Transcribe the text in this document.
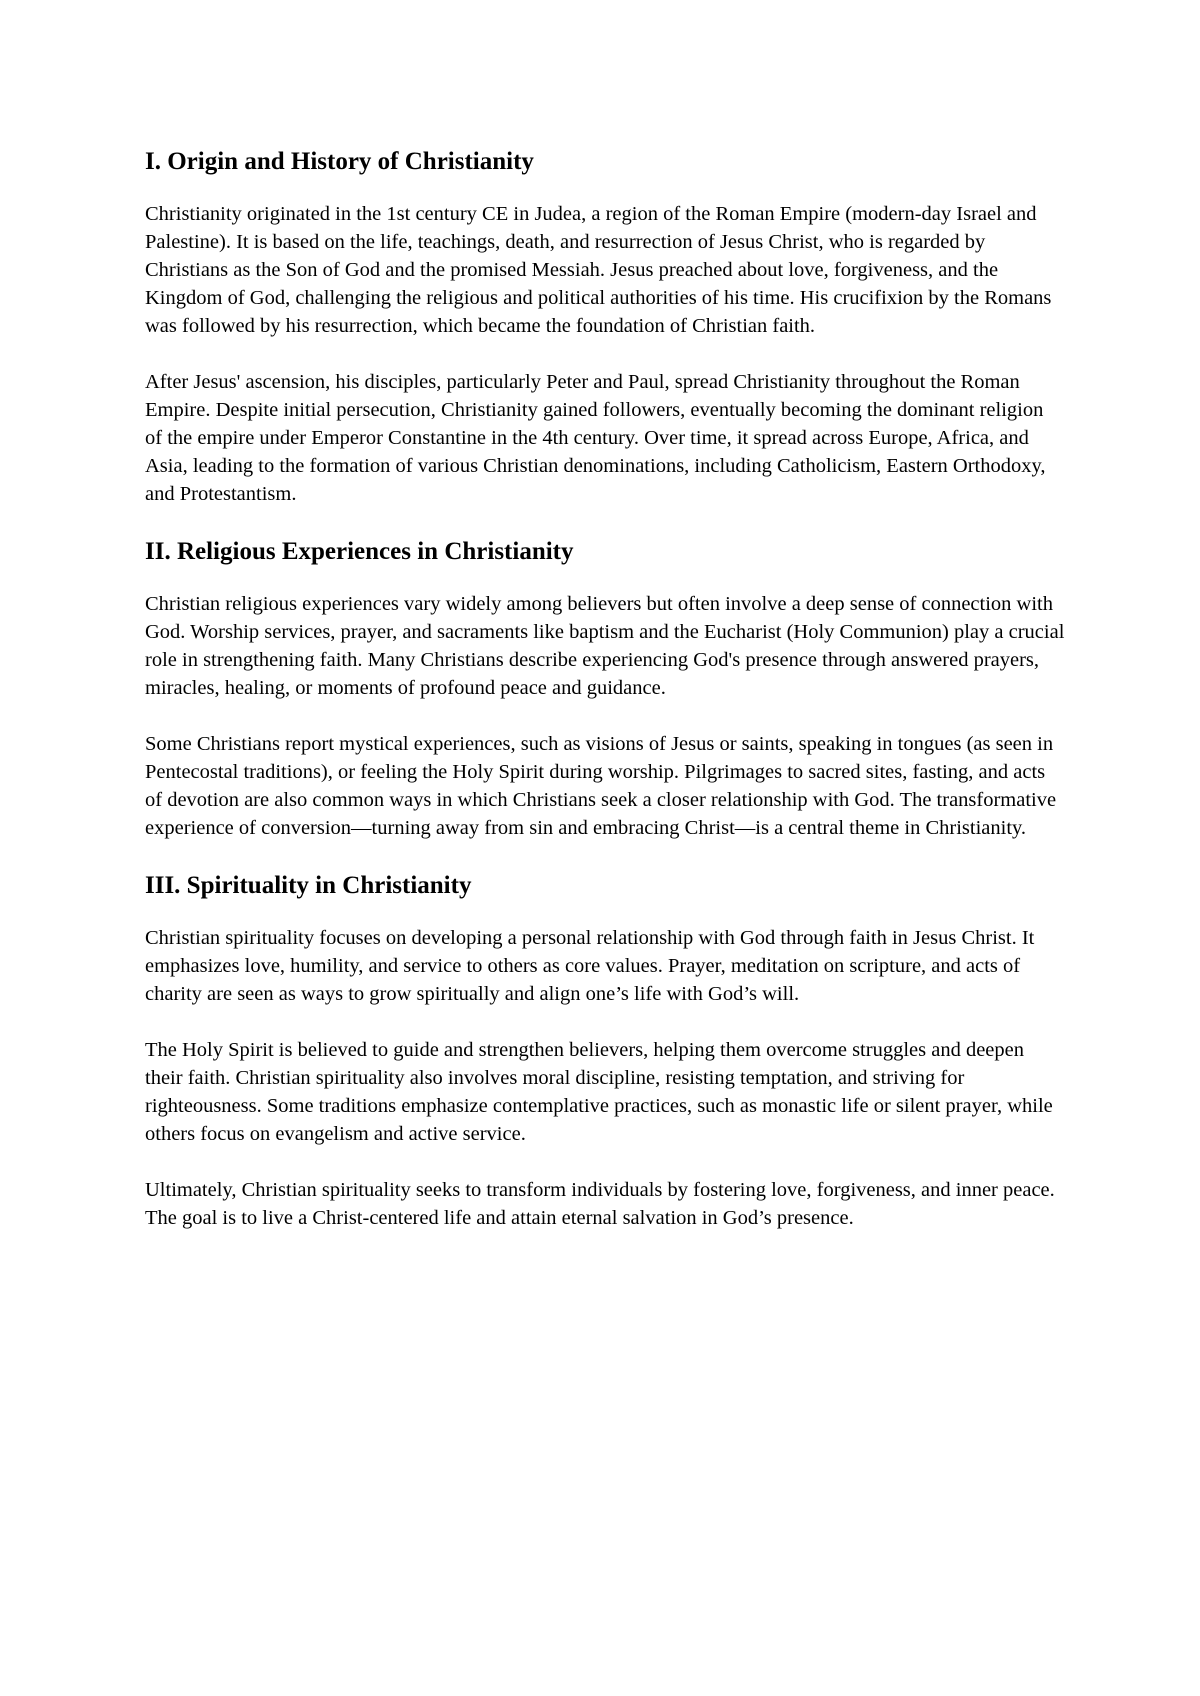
I. Origin and History of Christianity

Christianity originated in the 1st century CE in Judea, a region of the Roman Empire (modern-day Israel and Palestine). It is based on the life, teachings, death, and resurrection of Jesus Christ, who is regarded by Christians as the Son of God and the promised Messiah. Jesus preached about love, forgiveness, and the Kingdom of God, challenging the religious and political authorities of his time. His crucifixion by the Romans was followed by his resurrection, which became the foundation of Christian faith.

After Jesus' ascension, his disciples, particularly Peter and Paul, spread Christianity throughout the Roman Empire. Despite initial persecution, Christianity gained followers, eventually becoming the dominant religion of the empire under Emperor Constantine in the 4th century. Over time, it spread across Europe, Africa, and Asia, leading to the formation of various Christian denominations, including Catholicism, Eastern Orthodoxy, and Protestantism.

II. Religious Experiences in Christianity

Christian religious experiences vary widely among believers but often involve a deep sense of connection with God. Worship services, prayer, and sacraments like baptism and the Eucharist (Holy Communion) play a crucial role in strengthening faith. Many Christians describe experiencing God's presence through answered prayers, miracles, healing, or moments of profound peace and guidance.

Some Christians report mystical experiences, such as visions of Jesus or saints, speaking in tongues (as seen in Pentecostal traditions), or feeling the Holy Spirit during worship. Pilgrimages to sacred sites, fasting, and acts of devotion are also common ways in which Christians seek a closer relationship with God. The transformative experience of conversion—turning away from sin and embracing Christ—is a central theme in Christianity.

III. Spirituality in Christianity

Christian spirituality focuses on developing a personal relationship with God through faith in Jesus Christ. It emphasizes love, humility, and service to others as core values. Prayer, meditation on scripture, and acts of charity are seen as ways to grow spiritually and align one’s life with God’s will.

The Holy Spirit is believed to guide and strengthen believers, helping them overcome struggles and deepen their faith. Christian spirituality also involves moral discipline, resisting temptation, and striving for righteousness. Some traditions emphasize contemplative practices, such as monastic life or silent prayer, while others focus on evangelism and active service.

Ultimately, Christian spirituality seeks to transform individuals by fostering love, forgiveness, and inner peace. The goal is to live a Christ-centered life and attain eternal salvation in God’s presence.
